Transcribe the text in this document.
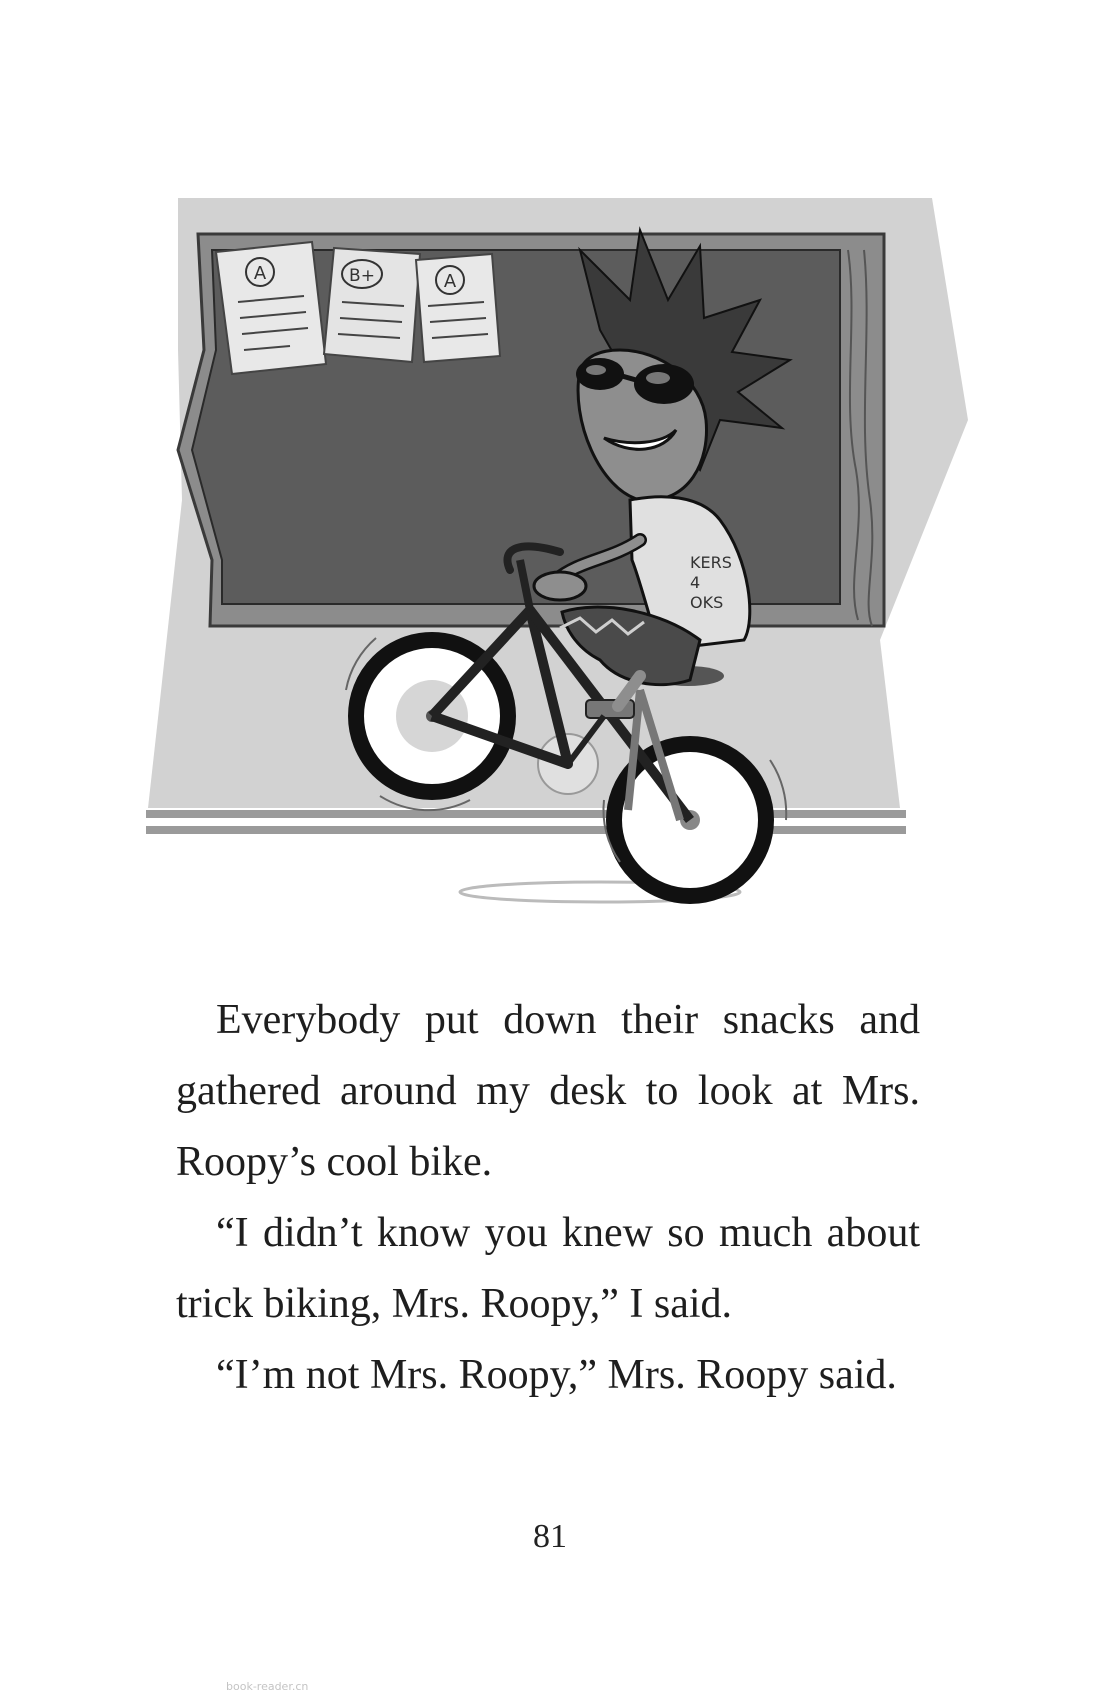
A	B+	A
KERS
4
OKS

Everybody put down their snacks and gathered around my desk to look at Mrs. Roopy’s cool bike.

“I didn’t know you knew so much about trick biking, Mrs. Roopy,” I said.

“I’m not Mrs. Roopy,” Mrs. Roopy said.

81
book-reader.cn
